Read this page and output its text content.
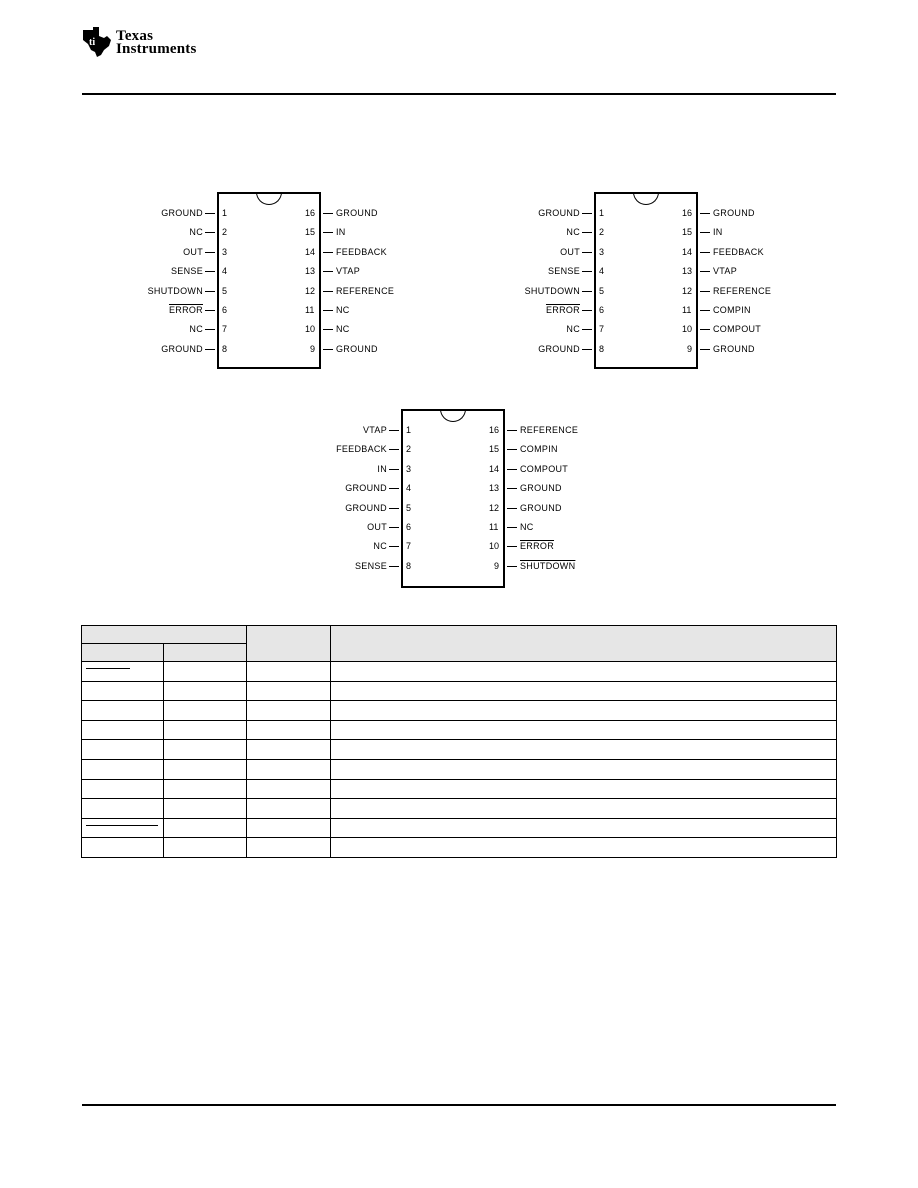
ti Texas
Instruments
GROUND 1
NC 2
OUT 3
SENSE 4
SHUTDOWN 5
ERROR 6
NC 7
GROUND 8
GROUND
16
IN
15
FEEDBACK
14
VTAP
13
REFERENCE
12
NC
11
NC
10
GROUND
9
GROUND 1
NC 2
OUT 3
SENSE 4
SHUTDOWN 5
ERROR 6
NC 7
GROUND 8
GROUND
16
IN
15
FEEDBACK
14
VTAP
13
REFERENCE
12
COMPIN
11
COMPOUT
10
GROUND
9
VTAP 1
FEEDBACK 2
IN 3
GROUND 4
GROUND 5
OUT 6
NC 7
SENSE 8
REFERENCE
16
COMPIN
15
COMPOUT
14
GROUND
13
GROUND
12
NC
11
ERROR
10
SHUTDOWN
9
